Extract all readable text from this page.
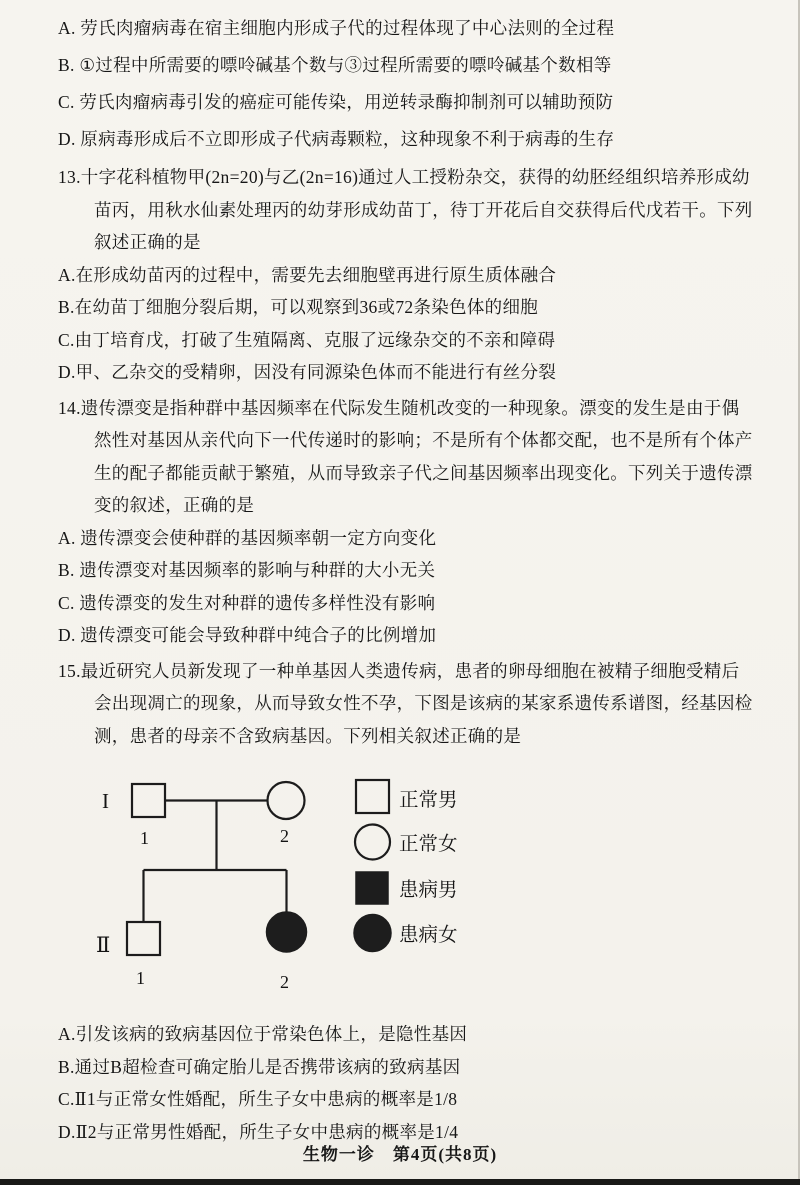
A. 劳氏肉瘤病毒在宿主细胞内形成子代的过程体现了中心法则的全过程

B. ①过程中所需要的嘌呤碱基个数与③过程所需要的嘌呤碱基个数相等

C. 劳氏肉瘤病毒引发的癌症可能传染，用逆转录酶抑制剂可以辅助预防

D. 原病毒形成后不立即形成子代病毒颗粒，这种现象不利于病毒的生存

13.十字花科植物甲(2n=20)与乙(2n=16)通过人工授粉杂交，获得的幼胚经组织培养形成幼苗丙，用秋水仙素处理丙的幼芽形成幼苗丁，待丁开花后自交获得后代戊若干。下列叙述正确的是

A.在形成幼苗丙的过程中，需要先去细胞壁再进行原生质体融合

B.在幼苗丁细胞分裂后期，可以观察到36或72条染色体的细胞

C.由丁培育戊，打破了生殖隔离、克服了远缘杂交的不亲和障碍

D.甲、乙杂交的受精卵，因没有同源染色体而不能进行有丝分裂

14.遗传漂变是指种群中基因频率在代际发生随机改变的一种现象。漂变的发生是由于偶然性对基因从亲代向下一代传递时的影响；不是所有个体都交配，也不是所有个体产生的配子都能贡献于繁殖，从而导致亲子代之间基因频率出现变化。下列关于遗传漂变的叙述，正确的是

A. 遗传漂变会使种群的基因频率朝一定方向变化

B. 遗传漂变对基因频率的影响与种群的大小无关

C. 遗传漂变的发生对种群的遗传多样性没有影响

D. 遗传漂变可能会导致种群中纯合子的比例增加

15.最近研究人员新发现了一种单基因人类遗传病，患者的卵母细胞在被精子细胞受精后会出现凋亡的现象，从而导致女性不孕，下图是该病的某家系遗传系谱图，经基因检测，患者的母亲不含致病基因。下列相关叙述正确的是

I
Ⅱ
1	2
1	2
正常男
正常女
患病男
患病女

A.引发该病的致病基因位于常染色体上，是隐性基因

B.通过B超检查可确定胎儿是否携带该病的致病基因

C.Ⅱ1与正常女性婚配，所生子女中患病的概率是1/8

D.Ⅱ2与正常男性婚配，所生子女中患病的概率是1/4

生物一诊　第4页(共8页)
